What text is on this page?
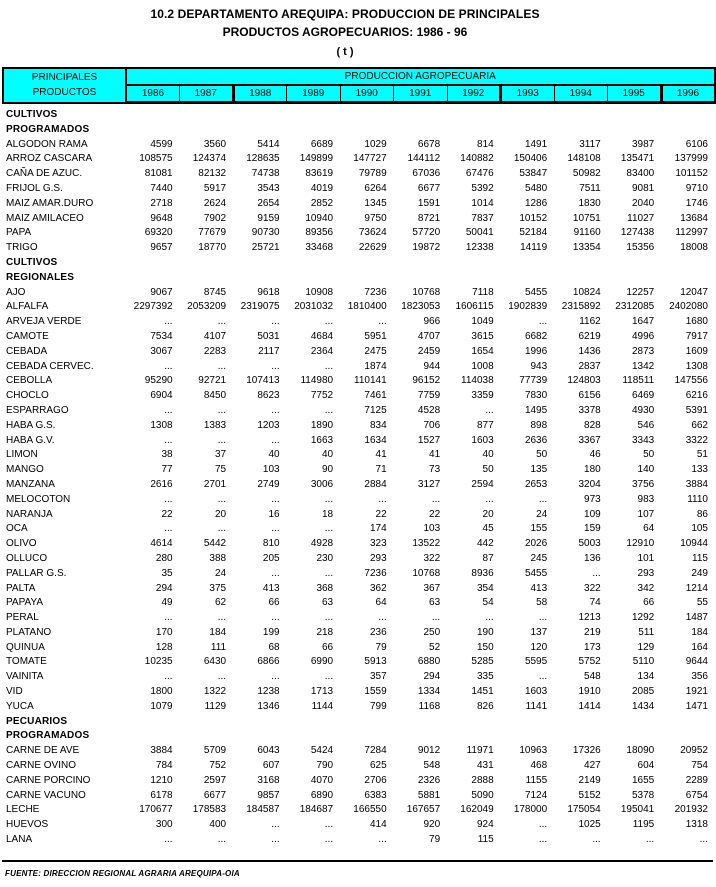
10.2 DEPARTAMENTO AREQUIPA: PRODUCCION DE PRINCIPALES
PRODUCTOS AGROPECUARIOS: 1986 - 96
( t )
PRINCIPALES
PRODUCTOS	PRODUCCION AGROPECUARIA										
	1986	1987	1988	1989	1990	1991	1992	1993	1994	1995	1996
CULTIVOS											
PROGRAMADOS											
ALGODON RAMA	4599	3560	5414	6689	1029	6678	814	1491	3117	3987	6106
ARROZ CASCARA	108575	124374	128635	149899	147727	144112	140882	150406	148108	135471	137999
CAÑA DE AZUC.	81081	82132	74738	83619	79789	67036	67476	53847	50982	83400	101152
FRIJOL G.S.	7440	5917	3543	4019	6264	6677	5392	5480	7511	9081	9710
MAIZ AMAR.DURO	2718	2624	2654	2852	1345	1591	1014	1286	1830	2040	1746
MAIZ AMILACEO	9648	7902	9159	10940	9750	8721	7837	10152	10751	11027	13684
PAPA	69320	77679	90730	89356	73624	57720	50041	52184	91160	127438	112997
TRIGO	9657	18770	25721	33468	22629	19872	12338	14119	13354	15356	18008
CULTIVOS											
REGIONALES											
AJO	9067	8745	9618	10908	7236	10768	7118	5455	10824	12257	12047
ALFALFA	2297392	2053209	2319075	2031032	1810400	1823053	1606115	1902839	2315892	2312085	2402080
ARVEJA VERDE	...	...	...	...	...	966	1049	...	1162	1647	1680
CAMOTE	7534	4107	5031	4684	5951	4707	3615	6682	6219	4996	7917
CEBADA	3067	2283	2117	2364	2475	2459	1654	1996	1436	2873	1609
CEBADA CERVEC.	...	...	...	...	1874	944	1008	943	2837	1342	1308
CEBOLLA	95290	92721	107413	114980	110141	96152	114038	77739	124803	118511	147556
CHOCLO	6904	8450	8623	7752	7461	7759	3359	7830	6156	6469	6216
ESPARRAGO	...	...	...	...	7125	4528	...	1495	3378	4930	5391
HABA G.S.	1308	1383	1203	1890	834	706	877	898	828	546	662
HABA G.V.	...	...	...	1663	1634	1527	1603	2636	3367	3343	3322
LIMON	38	37	40	40	41	41	40	50	46	50	51
MANGO	77	75	103	90	71	73	50	135	180	140	133
MANZANA	2616	2701	2749	3006	2884	3127	2594	2653	3204	3756	3884
MELOCOTON	...	...	...	...	...	...	...	...	973	983	1110
NARANJA	22	20	16	18	22	22	20	24	109	107	86
OCA	...	...	...	...	174	103	45	155	159	64	105
OLIVO	4614	5442	810	4928	323	13522	442	2026	5003	12910	10944
OLLUCO	280	388	205	230	293	322	87	245	136	101	115
PALLAR G.S.	35	24	...	...	7236	10768	8936	5455	...	293	249
PALTA	294	375	413	368	362	367	354	413	322	342	1214
PAPAYA	49	62	66	63	64	63	54	58	74	66	55
PERAL	...	...	...	...	...	...	...	...	1213	1292	1487
PLATANO	170	184	199	218	236	250	190	137	219	511	184
QUINUA	128	111	68	66	79	52	150	120	173	129	164
TOMATE	10235	6430	6866	6990	5913	6880	5285	5595	5752	5110	9644
VAINITA	...	...	...	...	357	294	335	...	548	134	356
VID	1800	1322	1238	1713	1559	1334	1451	1603	1910	2085	1921
YUCA	1079	1129	1346	1144	799	1168	826	1141	1414	1434	1471
PECUARIOS											
PROGRAMADOS											
CARNE DE AVE	3884	5709	6043	5424	7284	9012	11971	10963	17326	18090	20952
CARNE OVINO	784	752	607	790	625	548	431	468	427	604	754
CARNE PORCINO	1210	2597	3168	4070	2706	2326	2888	1155	2149	1655	2289
CARNE VACUNO	6178	6677	9857	6890	6383	5881	5090	7124	5152	5378	6754
LECHE	170677	178583	184587	184687	166550	167657	162049	178000	175054	195041	201932
HUEVOS	300	400	...	...	414	920	924	...	1025	1195	1318
LANA	...	...	...	...	...	79	115	...	...	...	...
FUENTE: DIRECCION REGIONAL AGRARIA AREQUIPA-OIA
